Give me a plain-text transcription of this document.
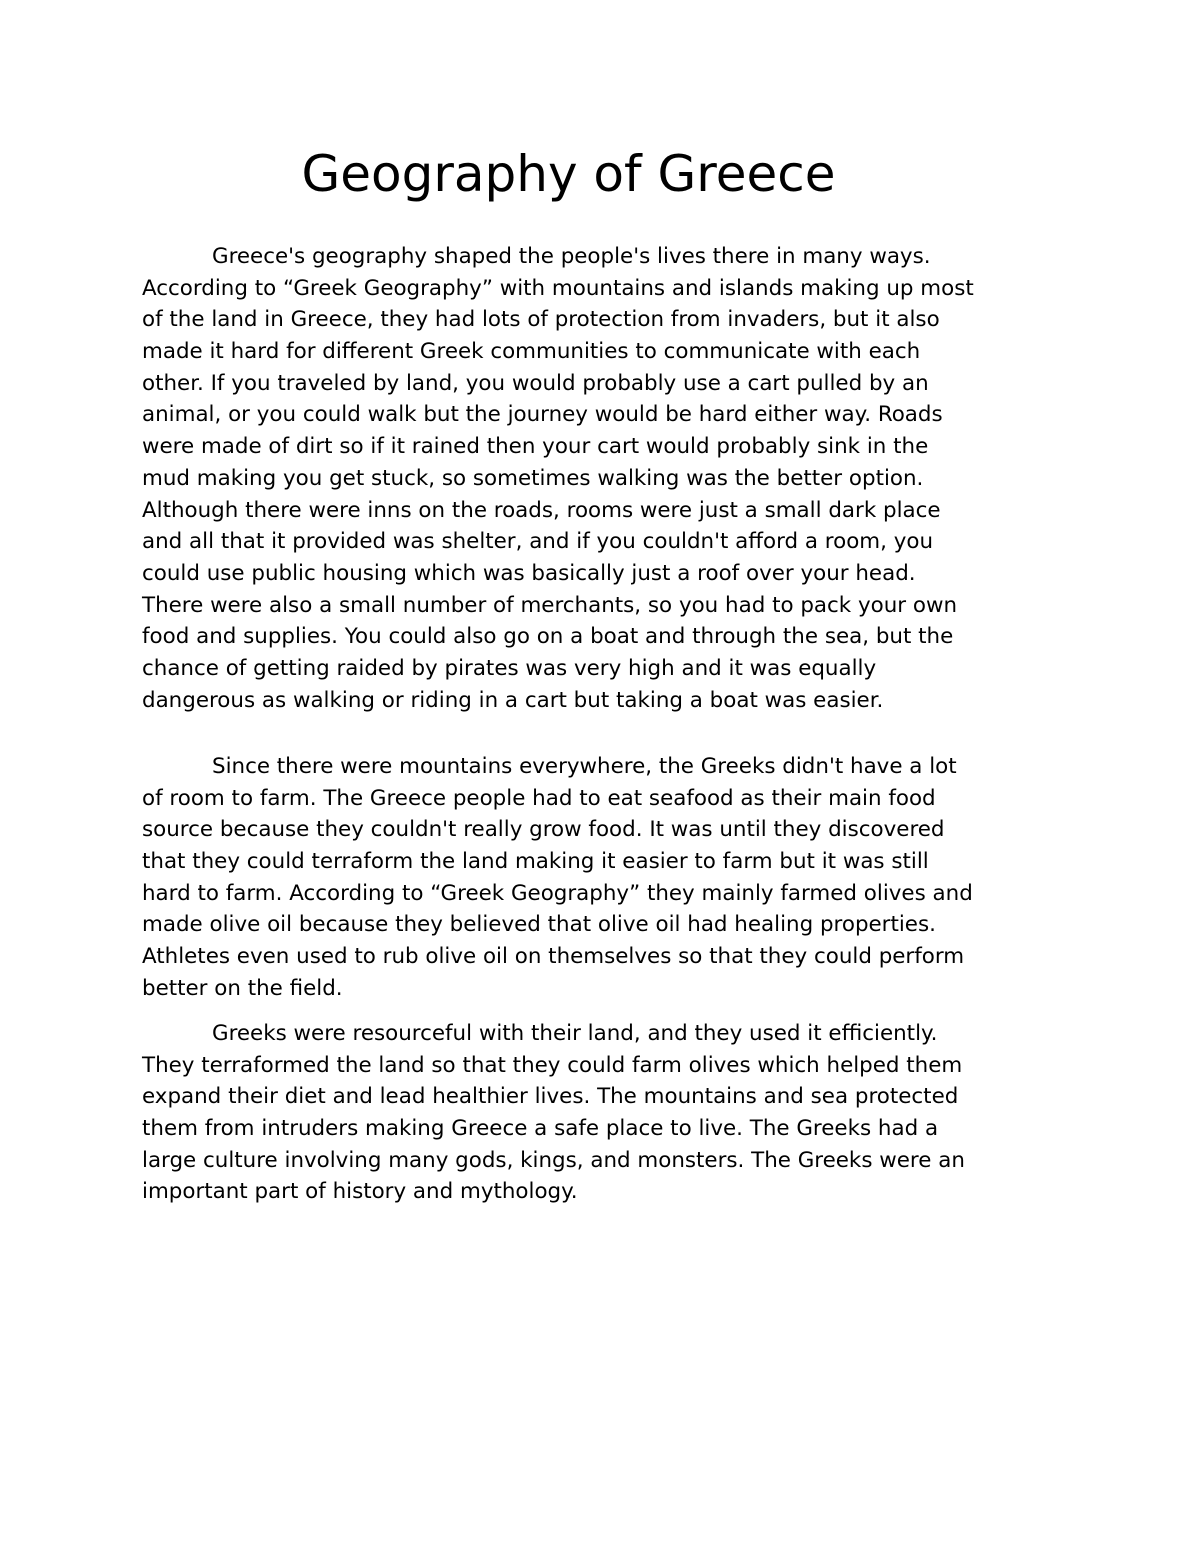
Geography of Greece
Greece's geography shaped the people's lives there in many ways.
According to “Greek Geography” with mountains and islands making up most
of the land in Greece, they had lots of protection from invaders, but it also
made it hard for different Greek communities to communicate with each
other. If you traveled by land, you would probably use a cart pulled by an
animal, or you could walk but the journey would be hard either way. Roads
were made of dirt so if it rained then your cart would probably sink in the
mud making you get stuck, so sometimes walking was the better option.
Although there were inns on the roads, rooms were just a small dark place
and all that it provided was shelter, and if you couldn't afford a room, you
could use public housing which was basically just a roof over your head.
There were also a small number of merchants, so you had to pack your own
food and supplies. You could also go on a boat and through the sea, but the
chance of getting raided by pirates was very high and it was equally
dangerous as walking or riding in a cart but taking a boat was easier.
Since there were mountains everywhere, the Greeks didn't have a lot
of room to farm. The Greece people had to eat seafood as their main food
source because they couldn't really grow food. It was until they discovered
that they could terraform the land making it easier to farm but it was still
hard to farm. According to “Greek Geography” they mainly farmed olives and
made olive oil because they believed that olive oil had healing properties.
Athletes even used to rub olive oil on themselves so that they could perform
better on the field.
Greeks were resourceful with their land, and they used it efficiently.
They terraformed the land so that they could farm olives which helped them
expand their diet and lead healthier lives. The mountains and sea protected
them from intruders making Greece a safe place to live. The Greeks had a
large culture involving many gods, kings, and monsters. The Greeks were an
important part of history and mythology.
